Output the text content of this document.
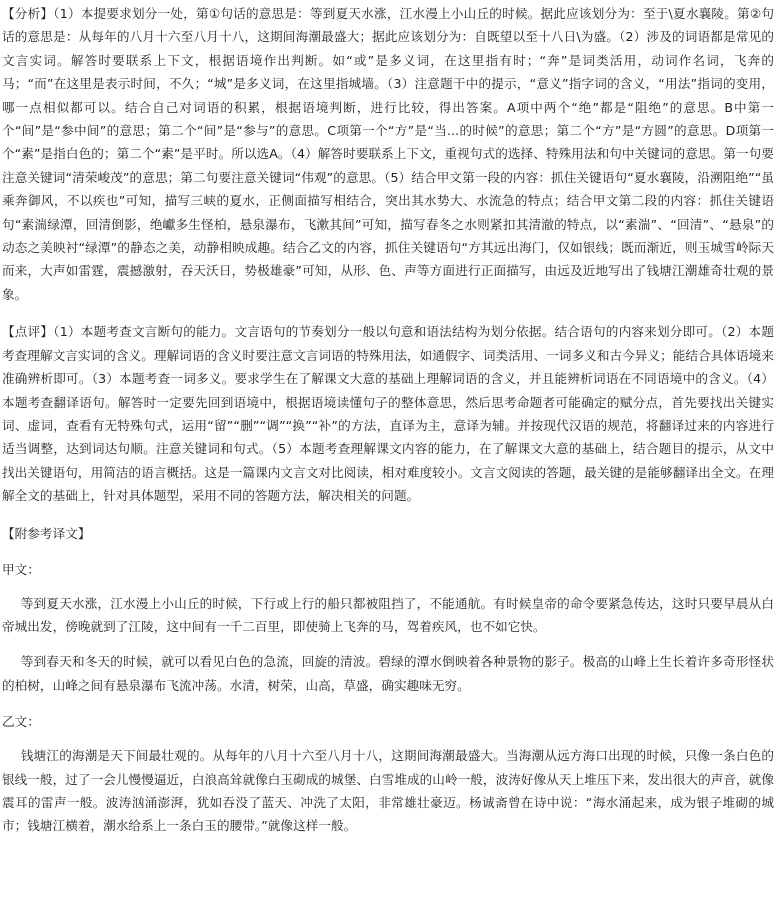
【分析】（1）本提要求划分一处，第①句话的意思是：等到夏天水涨，江水漫上小山丘的时候。据此应该划分为：至于\夏水襄陵。第②句话的意思是：从每年的八月十六至八月十八，这期间海潮最盛大；据此应该划分为：自既望以至十八日\为盛。（2）涉及的词语都是常见的文言实词。解答时要联系上下文，根据语境作出判断。如“或”是多义词，在这里指有时；“奔”是词类活用，动词作名词，飞奔的马；“而”在这里是表示时间，不久；“城”是多义词，在这里指城墙。（3）注意题干中的提示，“意义”指字词的含义，“用法”指词的变用，哪一点相似都可以。结合自己对词语的积累，根据语境判断，进行比较，得出答案。A项中两个“绝”都是“阻绝”的意思。B中第一个“间”是“参中间”的意思；第二个“间”是“参与”的意思。C项第一个“方”是“当...的时候”的意思；第二个“方”是“方圆”的意思。D项第一个“素”是指白色的；第二个“素”是平时。所以选A。（4）解答时要联系上下文，重视句式的选择、特殊用法和句中关键词的意思。第一句要注意关键词“清荣峻茂”的意思；第二句要注意关键词“伟观”的意思。（5）结合甲文第一段的内容：抓住关键语句“夏水襄陵，沿溯阻绝”“虽乘奔御风，不以疾也”可知，描写三峡的夏水，正侧面描写相结合，突出其水势大、水流急的特点；结合甲文第二段的内容：抓住关键语句“素湍绿潭，回清倒影，绝巘多生怪柏，悬泉瀑布，飞漱其间”可知，描写春冬之水则紧扣其清澈的特点，以“素湍”、“回清”、“悬泉”的动态之美映衬“绿潭”的静态之美，动静相映成趣。结合乙文的内容，抓住关键语句“方其远出海门，仅如银线；既而渐近，则玉城雪岭际天而来，大声如雷霆，震撼激射，吞天沃日，势极雄豪”可知，从形、色、声等方面进行正面描写，由远及近地写出了钱塘江潮雄奇壮观的景象。

【点评】（1）本题考查文言断句的能力。文言语句的节奏划分一般以句意和语法结构为划分依据。结合语句的内容来划分即可。（2）本题考查理解文言实词的含义。理解词语的含义时要注意文言词语的特殊用法，如通假字、词类活用、一词多义和古今异义；能结合具体语境来准确辨析即可。（3）本题考查一词多义。要求学生在了解课文大意的基础上理解词语的含义，并且能辨析词语在不同语境中的含义。（4）本题考查翻译语句。解答时一定要先回到语境中，根据语境读懂句子的整体意思，然后思考命题者可能确定的赋分点，首先要找出关键实词、虚词，查看有无特殊句式，运用“留”“删”“调”“换”“补”的方法，直译为主，意译为辅。并按现代汉语的规范，将翻译过来的内容进行适当调整，达到词达句顺。注意关键词和句式。（5）本题考查理解课文内容的能力，在了解课文大意的基础上，结合题目的提示，从文中找出关键语句，用简洁的语言概括。这是一篇课内文言文对比阅读，相对难度较小。文言文阅读的答题，最关键的是能够翻译出全文。在理解全文的基础上，针对具体题型，采用不同的答题方法，解决相关的问题。

【附参考译文】

甲文：

等到夏天水涨，江水漫上小山丘的时候，下行或上行的船只都被阻挡了，不能通航。有时候皇帝的命令要紧急传达，这时只要早晨从白帝城出发，傍晚就到了江陵，这中间有一千二百里，即使骑上飞奔的马，驾着疾风，也不如它快。

等到春天和冬天的时候，就可以看见白色的急流，回旋的清波。碧绿的潭水倒映着各种景物的影子。极高的山峰上生长着许多奇形怪状的柏树，山峰之间有悬泉瀑布飞流冲荡。水清，树荣，山高，草盛，确实趣味无穷。

乙文：

钱塘江的海潮是天下间最壮观的。从每年的八月十六至八月十八，这期间海潮最盛大。当海潮从远方海口出现的时候，只像一条白色的银线一般，过了一会儿慢慢逼近，白浪高耸就像白玉砌成的城堡、白雪堆成的山岭一般，波涛好像从天上堆压下来，发出很大的声音，就像震耳的雷声一般。波涛汹涌澎湃，犹如吞没了蓝天、冲洗了太阳，非常雄壮豪迈。杨诚斋曾在诗中说：“海水涌起来，成为银子堆砌的城市；钱塘江横着，潮水给系上一条白玉的腰带。”就像这样一般。
